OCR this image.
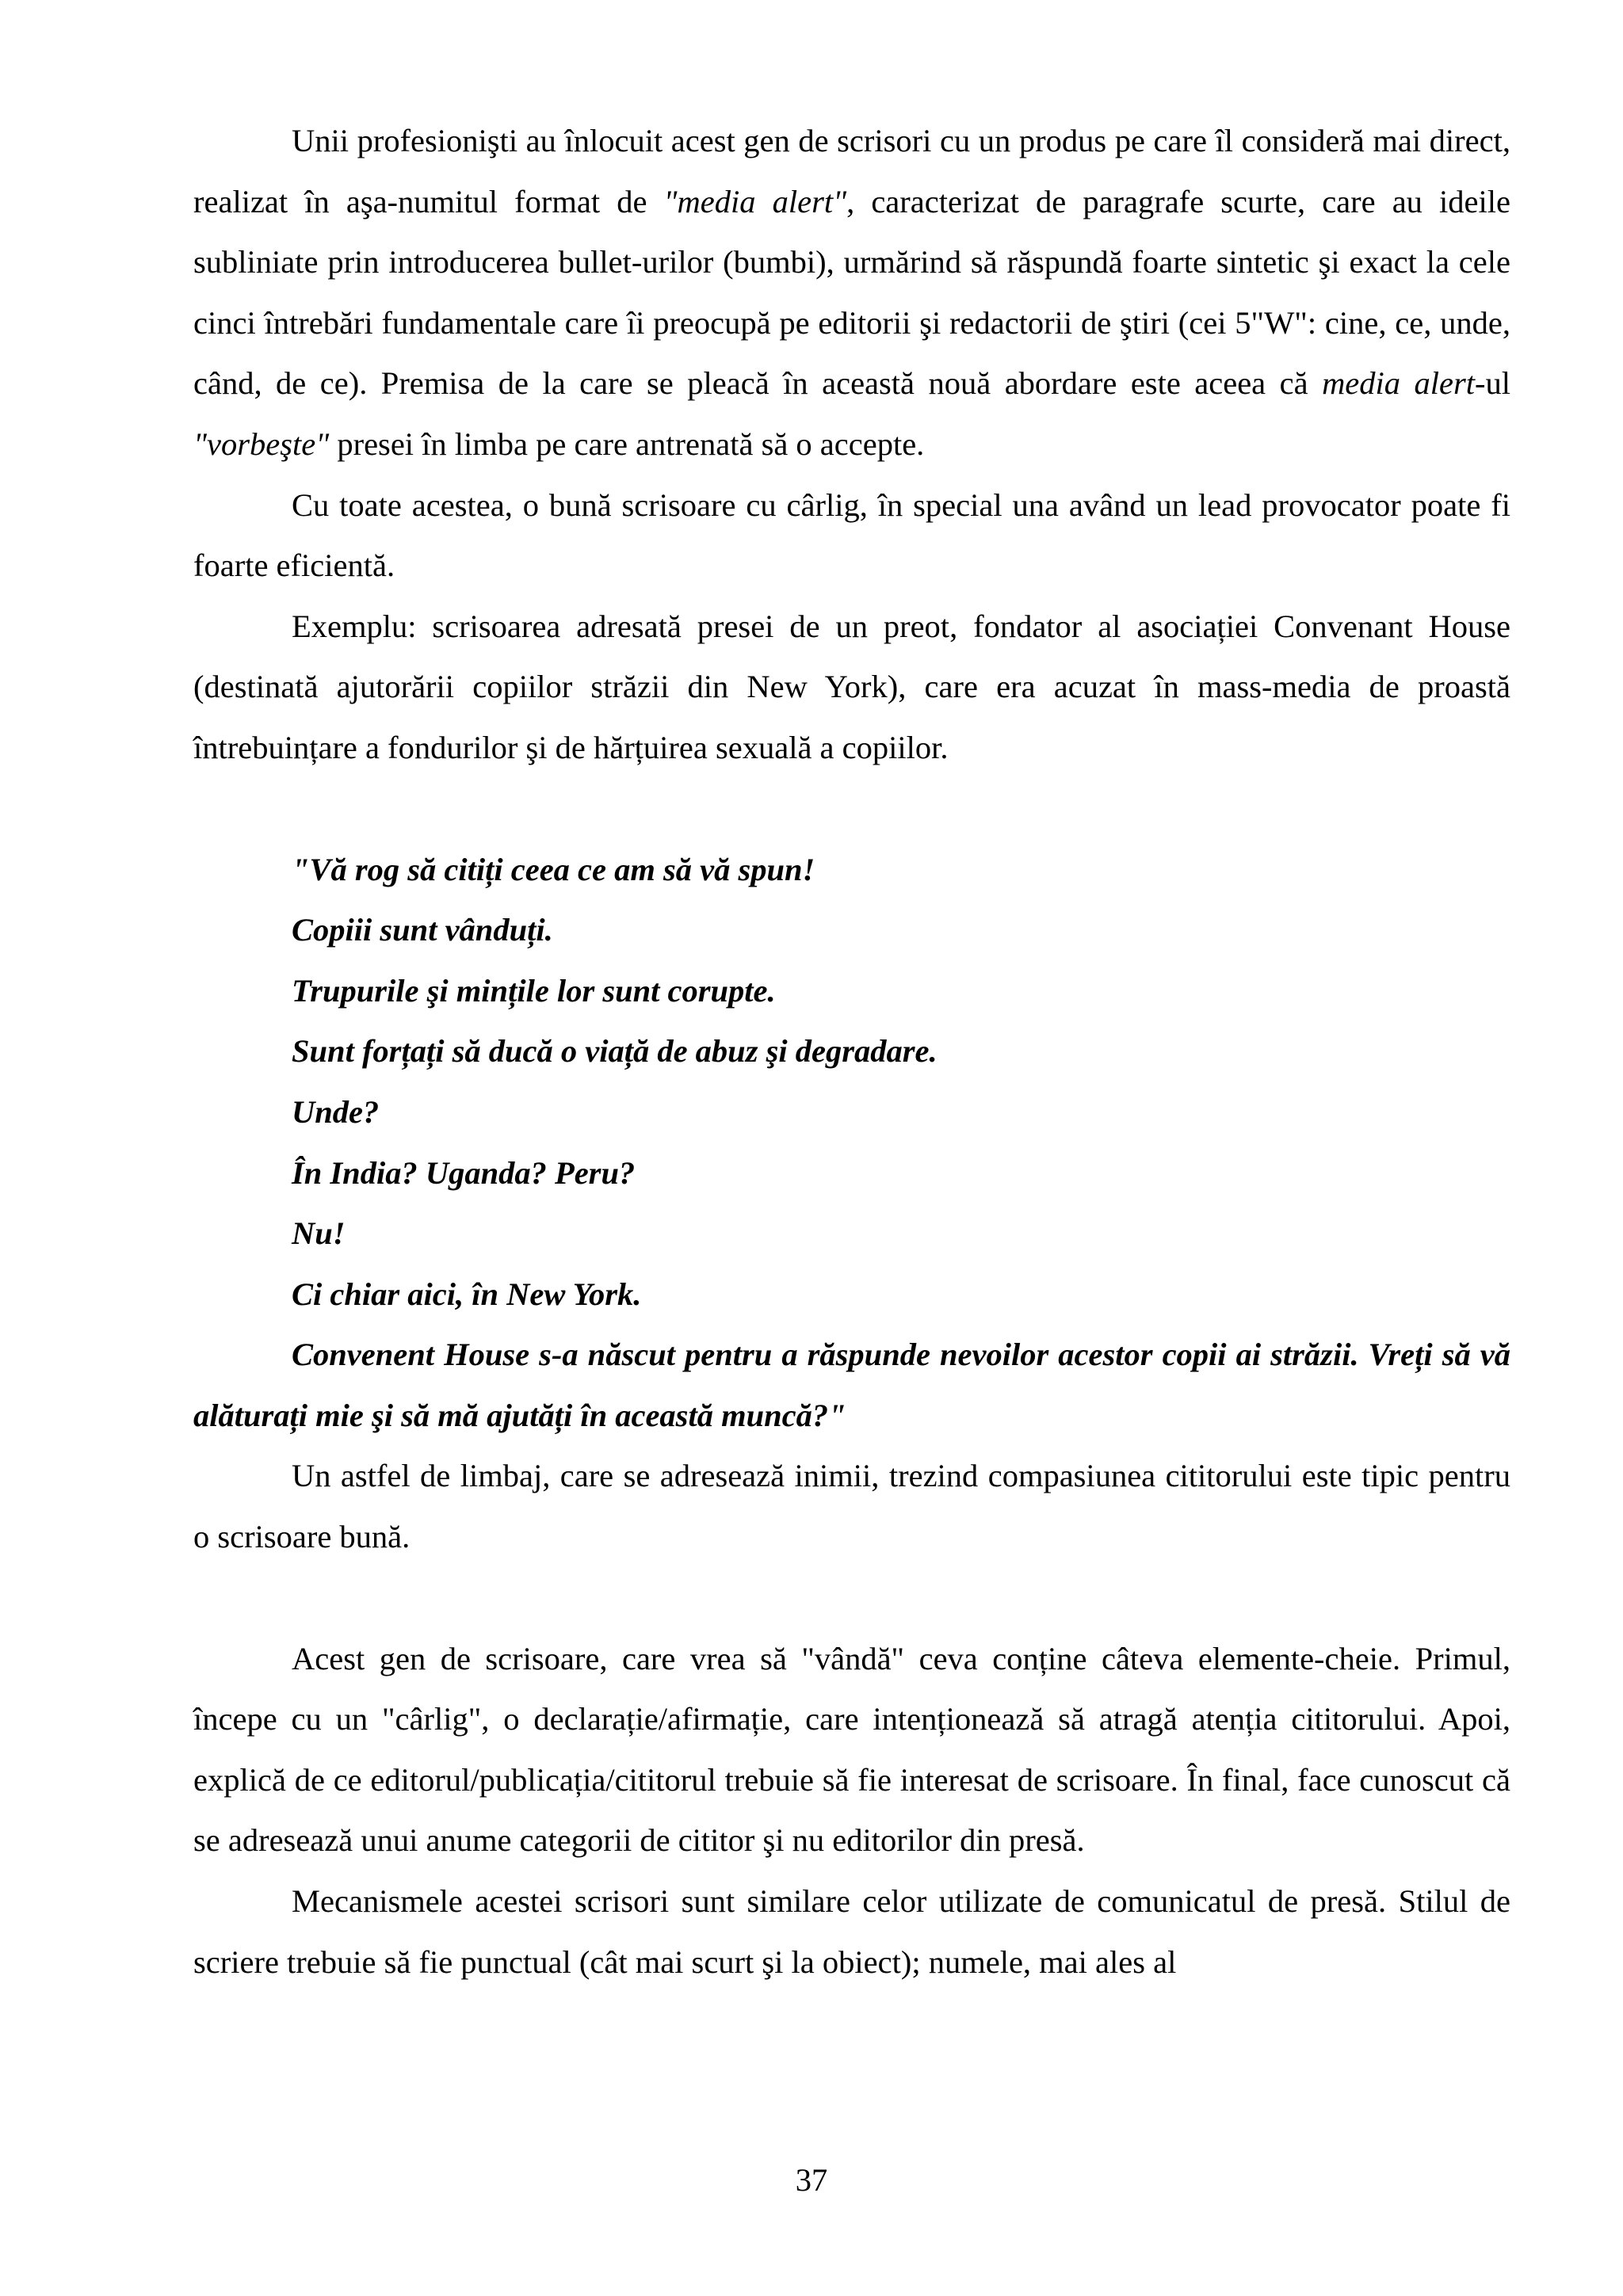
Unii profesionişti au înlocuit acest gen de scrisori cu un produs pe care îl consideră mai direct, realizat în aşa-numitul format de "media alert", caracterizat de paragrafe scurte, care au ideile subliniate prin introducerea bullet-urilor (bumbi), urmărind să răspundă foarte sintetic şi exact la cele cinci întrebări fundamentale care îi preocupă pe editorii şi redactorii de ştiri (cei 5"W": cine, ce, unde, când, de ce). Premisa de la care se pleacă în această nouă abordare este aceea că media alert-ul "vorbeşte" presei în limba pe care antrenată să o accepte.

Cu toate acestea, o bună scrisoare cu cârlig, în special una având un lead provocator poate fi foarte eficientă.

Exemplu: scrisoarea adresată presei de un preot, fondator al asociației Convenant House (destinată ajutorării copiilor străzii din New York), care era acuzat în mass-media de proastă întrebuințare a fondurilor şi de hărțuirea sexuală a copiilor.

"Vă rog să citiți ceea ce am să vă spun!

Copiii sunt vânduți.

Trupurile şi mințile lor sunt corupte.

Sunt forțați să ducă o viață de abuz şi degradare.

Unde?

În India? Uganda? Peru?

Nu!

Ci chiar aici, în New York.

Convenent House s-a născut pentru a răspunde nevoilor acestor copii ai străzii. Vreți să vă alăturați mie şi să mă ajutăți în această muncă?"

Un astfel de limbaj, care se adresează inimii, trezind compasiunea cititorului este tipic pentru o scrisoare bună.

Acest gen de scrisoare, care vrea să "vândă" ceva conține câteva elemente-cheie. Primul, începe cu un "cârlig", o declarație/afirmație, care intenționează să atragă atenția cititorului. Apoi, explică de ce editorul/publicația/cititorul trebuie să fie interesat de scrisoare. În final, face cunoscut că se adresează unui anume categorii de cititor şi nu editorilor din presă.

Mecanismele acestei scrisori sunt similare celor utilizate de comunicatul de presă. Stilul de scriere trebuie să fie punctual (cât mai scurt şi la obiect); numele, mai ales al

37
